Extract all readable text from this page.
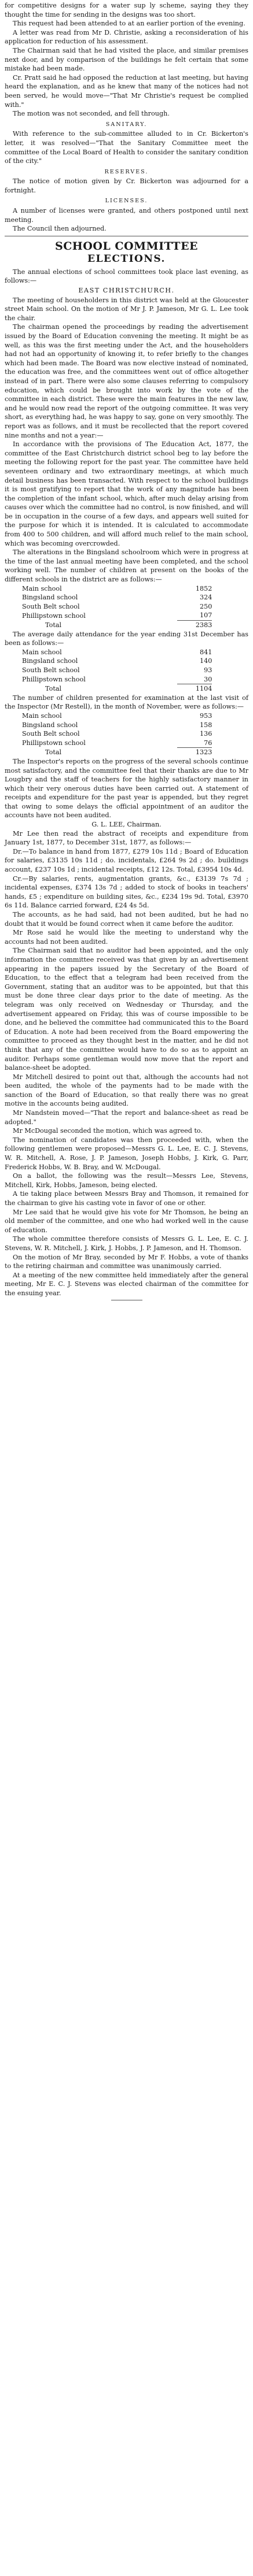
for competitive designs for a water sup ly scheme, saying they they thought the time for sending in the designs was too short.

This request had been attended to at an earlier portion of the evening.

A letter was read from Mr D. Christie, asking a reconsideration of his application for reduction of his assessment.

The Chairman said that he had visited the place, and similar premises next door, and by comparison of the buildings he felt certain that some mistake had been made.

Cr. Pratt said he had opposed the reduction at last meeting, but having heard the explanation, and as he knew that many of the notices had not been served, he would move—"That Mr Christie's request be complied with."

The motion was not seconded, and fell through.

SANITARY.

With reference to the sub-committee alluded to in Cr. Bickerton's letter, it was resolved—"That the Sanitary Committee meet the committee of the Local Board of Health to consider the sanitary condition of the city."

RESERVES.

The notice of motion given by Cr. Bickerton was adjourned for a fortnight.

LICENSES.

A number of licenses were granted, and others postponed until next meeting.

The Council then adjourned.

SCHOOL COMMITTEE
ELECTIONS.

The annual elections of school committees took place last evening, as follows:—

EAST CHRISTCHURCH.

The meeting of householders in this district was held at the Gloucester street Main school. On the motion of Mr J. P. Jameson, Mr G. L. Lee took the chair.

The chairman opened the proceedings by reading the advertisement issued by the Board of Education convening the meeting. It might be as well, as this was the first meeting under the Act, and the householders had not had an opportunity of knowing it, to refer briefly to the changes which had been made. The Board was now elective instead of nominated, the education was free, and the committees went out of office altogether instead of in part. There were also some clauses referring to compulsory education, which could be brought into work by the vote of the committee in each district. These were the main features in the new law, and he would now read the report of the outgoing committee. It was very short, as everything had, he was happy to say, gone on very smoothly. The report was as follows, and it must be recollected that the report covered nine months and not a year:—

In accordance with the provisions of The Education Act, 1877, the committee of the East Christchurch district school beg to lay before the meeting the following report for the past year. The committee have held seventeen ordinary and two extraordinary meetings, at which much detail business has been transacted. With respect to the school buildings it is most gratifying to report that the work of any magnitude has been the completion of the infant school, which, after much delay arising from causes over which the committee had no control, is now finished, and will be in occupation in the course of a few days, and appears well suited for the purpose for which it is intended. It is calculated to accommodate from 400 to 500 children, and will afford much relief to the main school, which was becoming overcrowded.

The alterations in the Bingsland schoolroom which were in progress at the time of the last annual meeting have been completed, and the school working well. The number of children at present on the books of the different schools in the district are as follows:—

Main school	1852
Bingsland school	324
South Belt school	250
Phillipstown school	107
Total	2383

The average daily attendance for the year ending 31st December has been as follows:—

Main school	841
Bingsland school	140
South Belt school	93
Phillipstown school	30
Total	1104

The number of children presented for examination at the last visit of the Inspector (Mr Restell), in the month of November, were as follows:—

Main school	953
Bingsland school	158
South Belt school	136
Phillipstown school	76
Total	1323

The Inspector's reports on the progress of the several schools continue most satisfactory, and the committee feel that their thanks are due to Mr Lougbry and the staff of teachers for the highly satisfactory manner in which their very onerous duties have been carried out. A statement of receipts and expenditure for the past year is appended, but they regret that owing to some delays the official appointment of an auditor the accounts have not been audited.

G. L. LEE, Chairman.

Mr Lee then read the abstract of receipts and expenditure from January 1st, 1877, to December 31st, 1877, as follows:—

Dr.—To balance in hand from 1877, £279 10s 11d ; Board of Education for salaries, £3135 10s 11d ; do. incidentals, £264 9s 2d ; do. buildings account, £237 10s 1d ; incidental receipts, £12 12s. Total, £3954 10s 4d.

Cr.—By salaries, rents, augmentation grants, &c., £3139 7s 7d ; incidental expenses, £374 13s 7d ; added to stock of books in teachers' hands, £5 ; expenditure on building sites, &c., £234 19s 9d. Total, £3970 6s 11d. Balance carried forward, £24 4s 5d.

The accounts, as he had said, had not been audited, but he had no doubt that it would be found correct when it came before the auditor.

Mr Rose said he would like the meeting to understand why the accounts had not been audited.

The Chairman said that no auditor had been appointed, and the only information the committee received was that given by an advertisement appearing in the papers issued by the Secretary of the Board of Education, to the effect that a telegram had been received from the Government, stating that an auditor was to be appointed, but that this must be done three clear days prior to the date of meeting. As the telegram was only received on Wednesday or Thursday, and the advertisement appeared on Friday, this was of course impossible to be done, and he believed the committee had communicated this to the Board of Education. A note had been received from the Board empowering the committee to proceed as they thought best in the matter, and he did not think that any of the committee would have to do so as to appoint an auditor. Perhaps some gentleman would now move that the report and balance-sheet be adopted.

Mr Mitchell desired to point out that, although the accounts had not been audited, the whole of the payments had to be made with the sanction of the Board of Education, so that really there was no great motive in the accounts being audited.

Mr Nandstein moved—"That the report and balance-sheet as read be adopted."

Mr McDougal seconded the motion, which was agreed to.

The nomination of candidates was then proceeded with, when the following gentlemen were proposed—Messrs G. L. Lee, E. C. J. Stevens, W. R. Mitchell, A. Rose, J. P. Jameson, Joseph Hobbs, J. Kirk, G. Parr, Frederick Hobbs, W. B. Bray, and W. McDougal.

On a ballot, the following was the result—Messrs Lee, Stevens, Mitchell, Kirk, Hobbs, Jameson, being elected.

A tie taking place between Messrs Bray and Thomson, it remained for the chairman to give his casting vote in favor of one or other.

Mr Lee said that he would give his vote for Mr Thomson, he being an old member of the committee, and one who had worked well in the cause of education.

The whole committee therefore consists of Messrs G. L. Lee, E. C. J. Stevens, W. R. Mitchell, J. Kirk, J. Hobbs, J. P. Jameson, and H. Thomson.

On the motion of Mr Bray, seconded by Mr F. Hobbs, a vote of thanks to the retiring chairman and committee was unanimously carried.

At a meeting of the new committee held immediately after the general meeting, Mr E. C. J. Stevens was elected chairman of the committee for the ensuing year.
